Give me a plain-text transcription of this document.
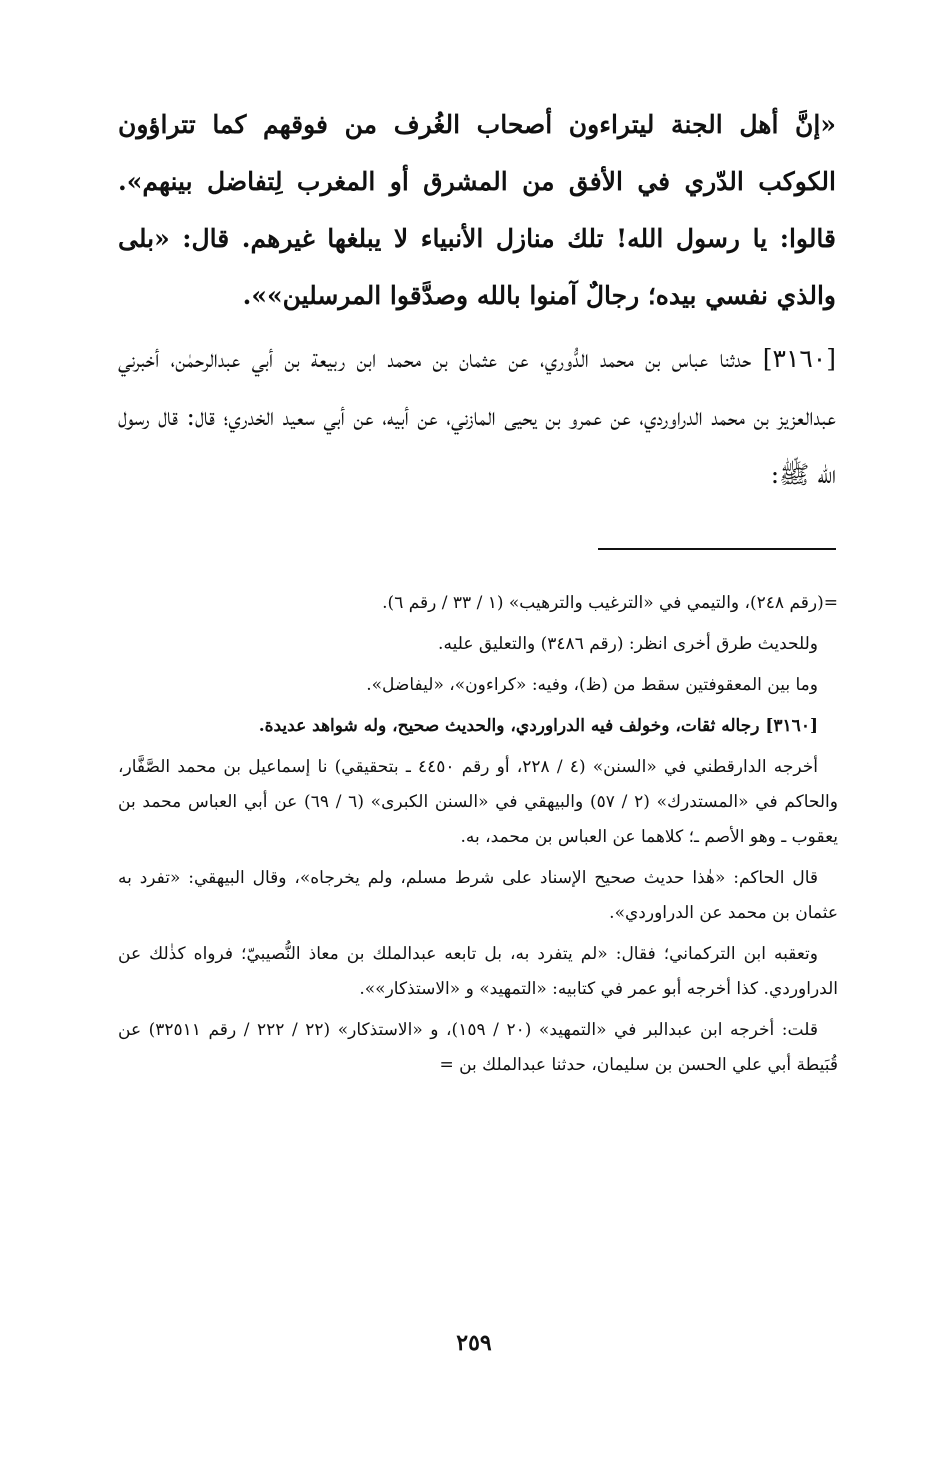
«إنَّ أهل الجنة ليتراءون أصحاب الغُرف من فوقهم كما تتراؤون الكوكب الدّري في الأفق من المشرق أو المغرب لِتفاضل بينهم». قالوا: يا رسول الله! تلك منازل الأنبياء لا يبلغها غيرهم. قال: «بلى والذي نفسي بيده؛ رجالٌ آمنوا بالله وصدَّقوا المرسلين»».
[٣١٦٠] حدثنا عباس بن محمد الدُّوري، عن عثمان بن محمد ابن ربيعة بن أبي عبدالرحمٰن، أخبرني عبدالعزيز بن محمد الدراوردي، عن عمرو بن يحيى المازني، عن أبيه، عن أبي سعيد الخدري؛ قال: قال رسول الله ﷺ:

=(رقم ٢٤٨)، والتيمي في «الترغيب والترهيب» (١ / ٣٣ / رقم ٦).

وللحديث طرق أخرى انظر: (رقم ٣٤٨٦) والتعليق عليه.

وما بين المعقوفتين سقط من (ظ)، وفيه: «كراءون»، «ليفاضل».

[٣١٦٠] رجاله ثقات، وخولف فيه الدراوردي، والحديث صحيح، وله شواهد عديدة.

أخرجه الدارقطني في «السنن» (٤ / ٢٢٨، أو رقم ٤٤٥٠ ـ بتحقيقي) نا إسماعيل بن محمد الصَّفَّار، والحاكم في «المستدرك» (٢ / ٥٧) والبيهقي في «السنن الكبرى» (٦ / ٦٩) عن أبي العباس محمد بن يعقوب ـ وهو الأصم ـ؛ كلاهما عن العباس بن محمد، به.

قال الحاكم: «هٰذا حديث صحيح الإسناد على شرط مسلم، ولم يخرجاه»، وقال البيهقي: «تفرد به عثمان بن محمد عن الدراوردي».

وتعقبه ابن التركماني؛ فقال: «لم يتفرد به، بل تابعه عبدالملك بن معاذ النُّصيبيّ؛ فرواه كذٰلك عن الدراوردي. كذا أخرجه أبو عمر في كتابيه: «التمهيد» و «الاستذكار»».

قلت: أخرجه ابن عبدالبر في «التمهيد» (٢٠ / ١٥٩)، و «الاستذكار» (٢٢ / ٢٢٢ / رقم ٣٢٥١١) عن قُبَيطة أبي علي الحسن بن سليمان، حدثنا عبدالملك بن =

٢٥٩
